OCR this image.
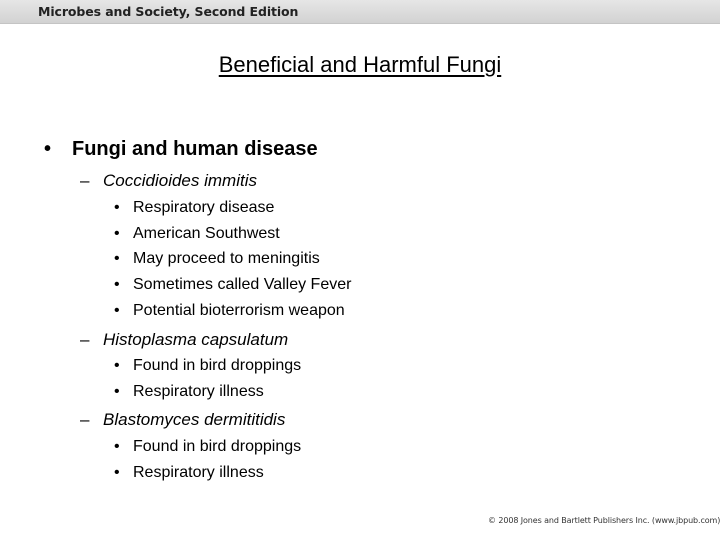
Microbes and Society, Second Edition
Beneficial and Harmful Fungi
• Fungi and human disease
– Coccidioides immitis
• Respiratory disease
• American Southwest
• May proceed to meningitis
• Sometimes called Valley Fever
• Potential bioterrorism weapon
– Histoplasma capsulatum
• Found in bird droppings
• Respiratory illness
– Blastomyces dermititidis
• Found in bird droppings
• Respiratory illness
© 2008 Jones and Bartlett Publishers Inc. (www.jbpub.com)
